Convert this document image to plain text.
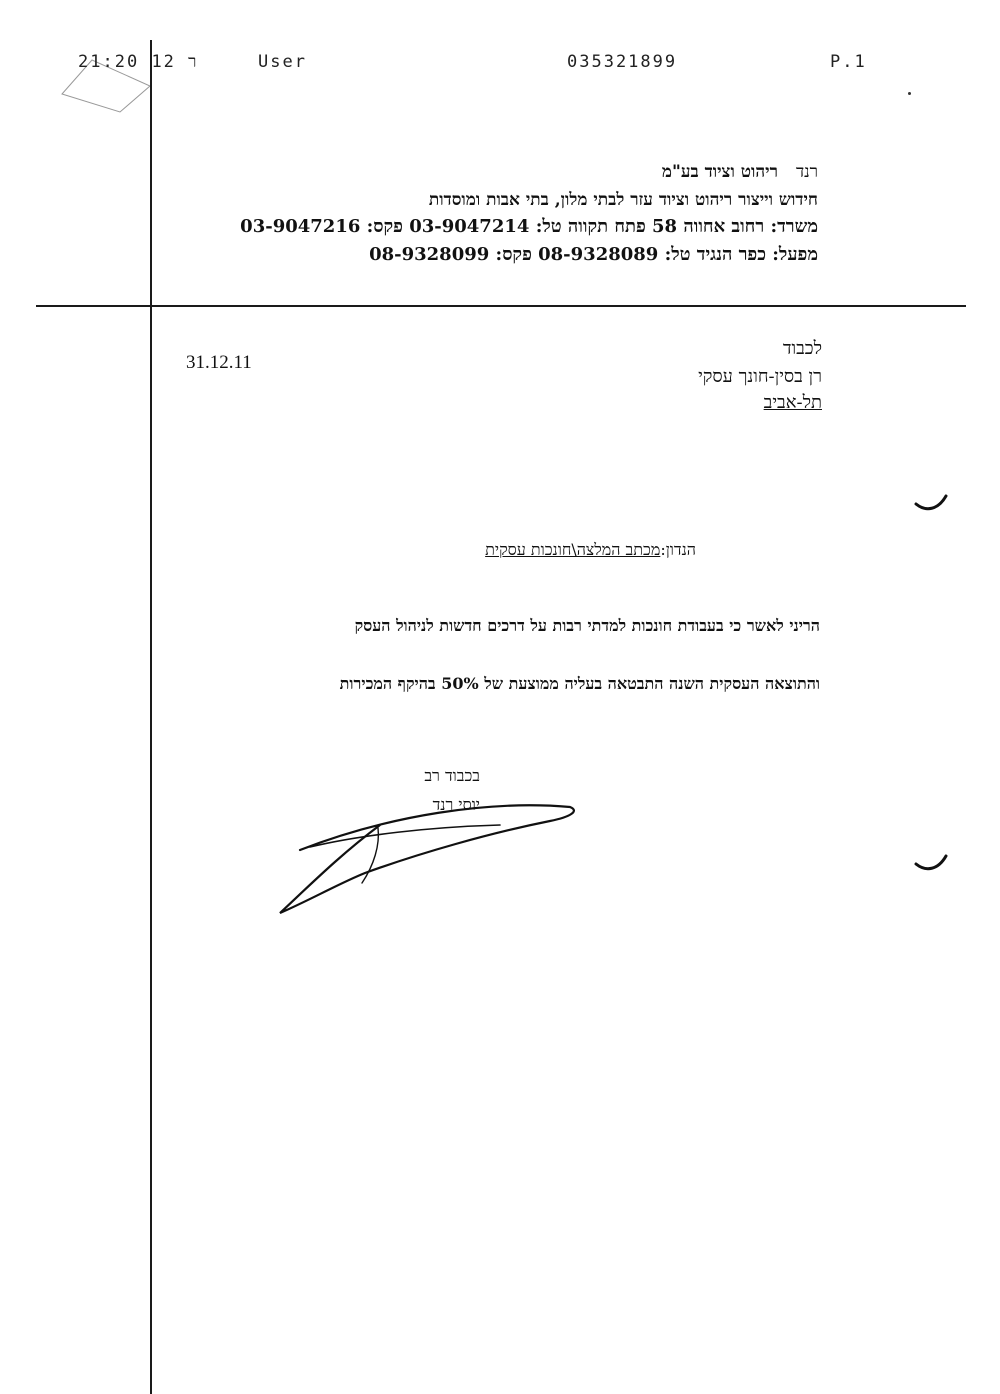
ר 12 21:20	User	035321899	P.1
רנדריהוט וציוד בע"מ
חידוש וייצור ריהוט וציוד עזר לבתי מלון, בתי אבות ומוסדות
משרד: רחוב אחווה 58 פתח תקווה טל: 03-9047214 פקס: 03-9047216
מפעל: כפר הנגיד טל: 08-9328089 פקס: 08-9328099
31.12.11
לכבוד
רן בסין-חונך עסקי
תל-אביב
הנדון:מכתב המלצה\חונכות עסקית
הריני לאשר כי בעבודת חונכות למדתי רבות על דרכים חדשות לניהול העסק
והתוצאה העסקית השנה התבטאה בעליה ממוצעת של 50% בהיקף המכירות
בכבוד רב
יוסי רנד
